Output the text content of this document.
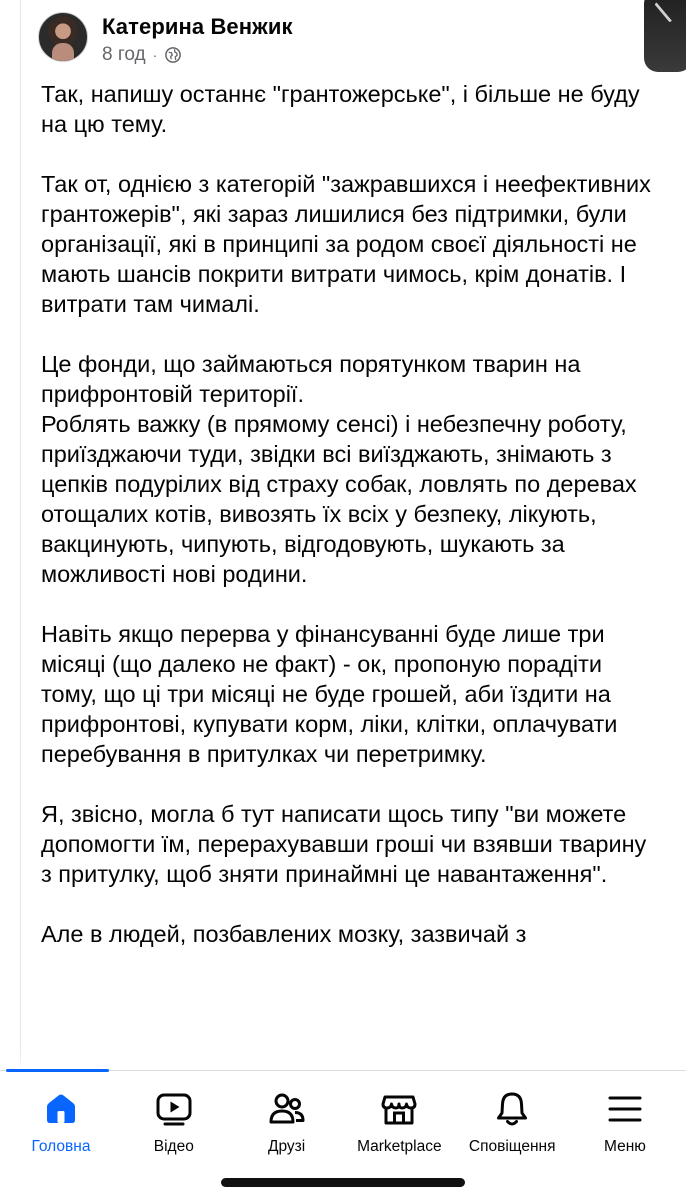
Катерина Венжик
8 год ·

Так, напишу останнє "грантожерське", і більше не буду на цю тему.

Так от, однією з категорій "зажравшихся і неефективних грантожерів", які зараз лишилися без підтримки, були організації, які в принципі за родом своєї діяльності не мають шансів покрити витрати чимось, крім донатів. І витрати там чималі.

Це фонди, що займаються порятунком тварин на прифронтовій території.
Роблять важку (в прямому сенсі) і небезпечну роботу, приїзджаючи туди, звідки всі виїзджають, знімають з цепків подурілих від страху собак, ловлять по деревах отощалих котів, вивозять їх всіх у безпеку, лікують, вакцинують, чипують, відгодовують, шукають за можливості нові родини.

Навіть якщо перерва у фінансуванні буде лише три місяці (що далеко не факт) - ок, пропоную порадіти тому, що ці три місяці не буде грошей, аби їздити на прифронтові, купувати корм, ліки, клітки, оплачувати перебування в притулках чи перетримку.

Я, звісно, могла б тут написати щось типу "ви можете допомогти їм, перерахувавши гроші чи взявши тварину з притулку, щоб зняти принаймні це навантаження".

Але в людей, позбавлених мозку, зазвичай з

Головна	Відео	Друзі	Marketplace Сповіщення	Меню
